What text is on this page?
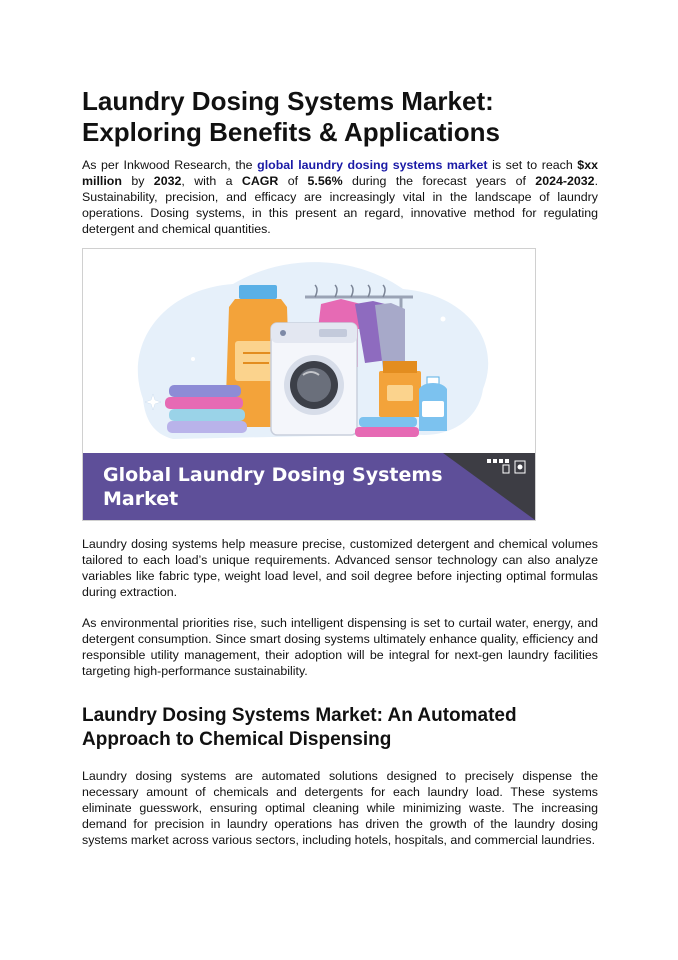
Laundry Dosing Systems Market: Exploring Benefits & Applications

As per Inkwood Research, the global laundry dosing systems market is set to reach $xx million by 2032, with a CAGR of 5.56% during the forecast years of 2024-2032. Sustainability, precision, and efficacy are increasingly vital in the landscape of laundry operations. Dosing systems, in this present an regard, innovative method for regulating detergent and chemical quantities.

Global Laundry Dosing Systems
Market

Laundry dosing systems help measure precise, customized detergent and chemical volumes tailored to each load’s unique requirements. Advanced sensor technology can also analyze variables like fabric type, weight load level, and soil degree before injecting optimal formulas during extraction.

As environmental priorities rise, such intelligent dispensing is set to curtail water, energy, and detergent consumption. Since smart dosing systems ultimately enhance quality, efficiency and responsible utility management, their adoption will be integral for next-gen laundry facilities targeting high-performance sustainability.

Laundry Dosing Systems Market: An Automated Approach to Chemical Dispensing

Laundry dosing systems are automated solutions designed to precisely dispense the necessary amount of chemicals and detergents for each laundry load. These systems eliminate guesswork, ensuring optimal cleaning while minimizing waste. The increasing demand for precision in laundry operations has driven the growth of the laundry dosing systems market across various sectors, including hotels, hospitals, and commercial laundries.
